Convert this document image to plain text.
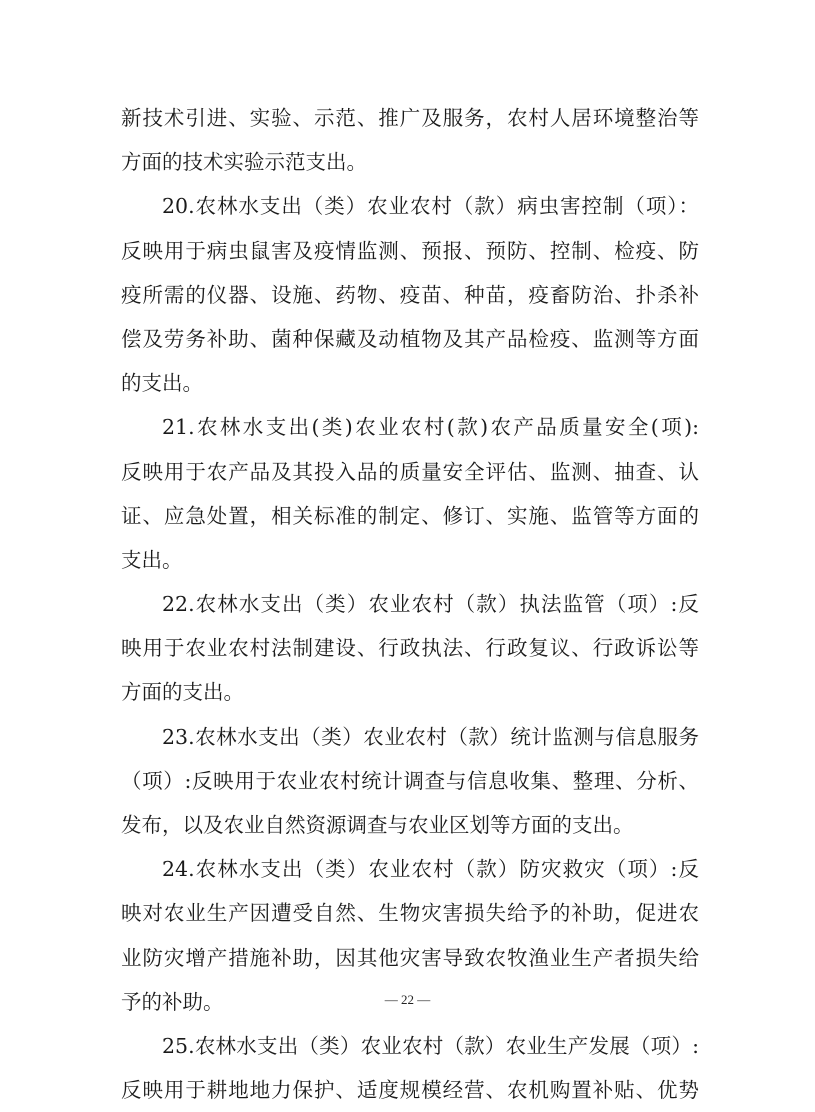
新技术引进、实验、示范、推广及服务，农村人居环境整治等
方面的技术实验示范支出。
20.农林水支出（类）农业农村（款）病虫害控制（项）：
反映用于病虫鼠害及疫情监测、预报、预防、控制、检疫、防
疫所需的仪器、设施、药物、疫苗、种苗，疫畜防治、扑杀补
偿及劳务补助、菌种保藏及动植物及其产品检疫、监测等方面
的支出。
21.农林水支出(类)农业农村(款)农产品质量安全(项):
反映用于农产品及其投入品的质量安全评估、监测、抽查、认
证、应急处置，相关标准的制定、修订、实施、监管等方面的
支出。
22.农林水支出（类）农业农村（款）执法监管（项）:反
映用于农业农村法制建设、行政执法、行政复议、行政诉讼等
方面的支出。
23.农林水支出（类）农业农村（款）统计监测与信息服务
（项）:反映用于农业农村统计调查与信息收集、整理、分析、
发布，以及农业自然资源调查与农业区划等方面的支出。
24.农林水支出（类）农业农村（款）防灾救灾（项）:反
映对农业生产因遭受自然、生物灾害损失给予的补助，促进农
业防灾增产措施补助，因其他灾害导致农牧渔业生产者损失给
予的补助。
25.农林水支出（类）农业农村（款）农业生产发展（项）:
反映用于耕地地力保护、适度规模经营、农机购置补贴、优势
— 22 —
